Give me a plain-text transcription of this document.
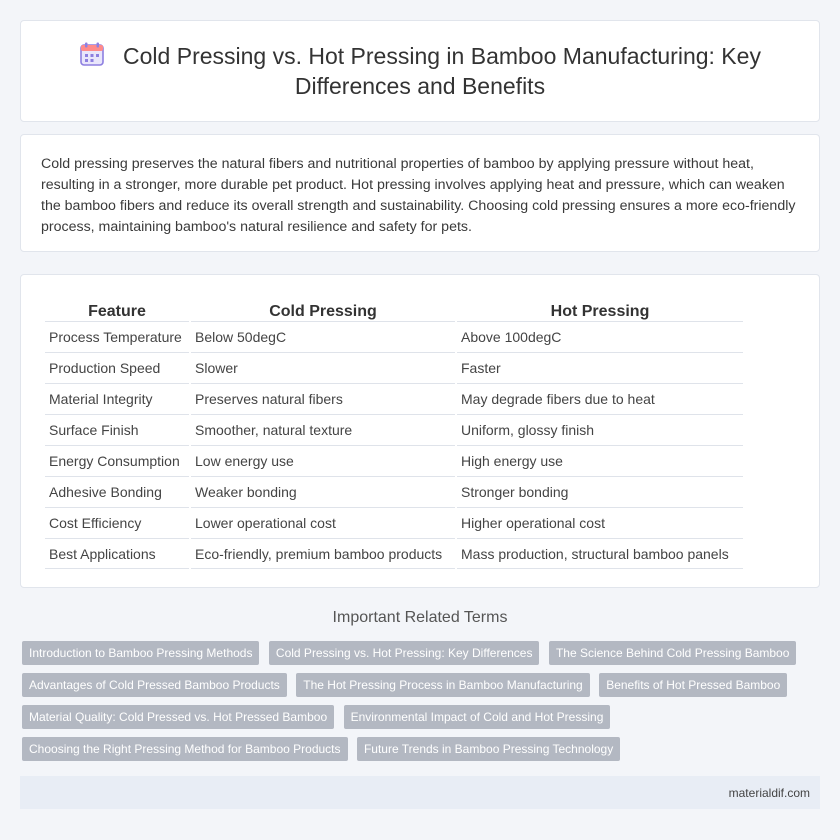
Cold Pressing vs. Hot Pressing in Bamboo Manufacturing: Key Differences and Benefits

Cold pressing preserves the natural fibers and nutritional properties of bamboo by applying pressure without heat, resulting in a stronger, more durable pet product. Hot pressing involves applying heat and pressure, which can weaken the bamboo fibers and reduce its overall strength and sustainability. Choosing cold pressing ensures a more eco-friendly process, maintaining bamboo's natural resilience and safety for pets.

Feature	Cold Pressing	Hot Pressing
Process Temperature	Below 50degC	Above 100degC
Production Speed	Slower	Faster
Material Integrity	Preserves natural fibers	May degrade fibers due to heat
Surface Finish	Smoother, natural texture	Uniform, glossy finish
Energy Consumption	Low energy use	High energy use
Adhesive Bonding	Weaker bonding	Stronger bonding
Cost Efficiency	Lower operational cost	Higher operational cost
Best Applications	Eco-friendly, premium bamboo products	Mass production, structural bamboo panels
Important Related Terms
Introduction to Bamboo Pressing Methods Cold Pressing vs. Hot Pressing: Key Differences The Science Behind Cold Pressing Bamboo
Advantages of Cold Pressed Bamboo Products The Hot Pressing Process in Bamboo Manufacturing Benefits of Hot Pressed Bamboo
Material Quality: Cold Pressed vs. Hot Pressed Bamboo Environmental Impact of Cold and Hot Pressing
Choosing the Right Pressing Method for Bamboo Products Future Trends in Bamboo Pressing Technology
materialdif.com
